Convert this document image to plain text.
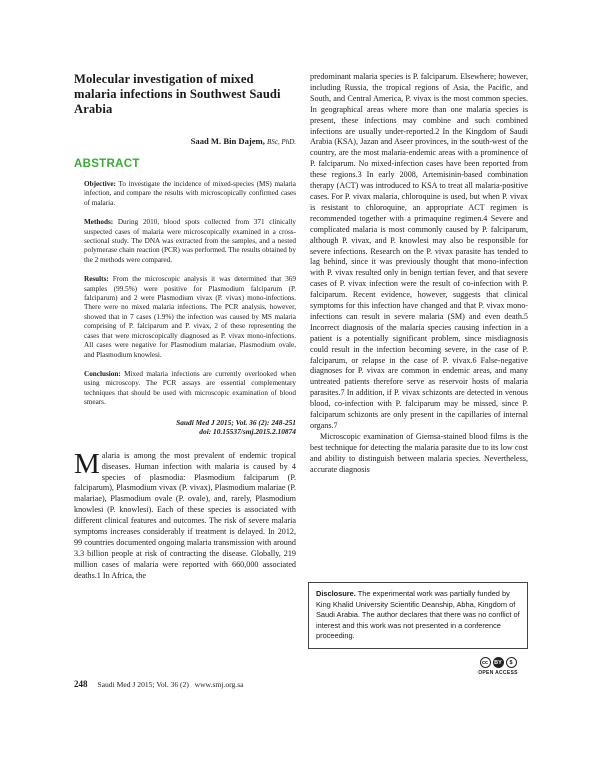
Molecular investigation of mixed malaria infections in Southwest Saudi Arabia
Saad M. Bin Dajem, BSc, PhD.
ABSTRACT

Objective: To investigate the incidence of mixed-species (MS) malaria infection, and compare the results with microscopically confirmed cases of malaria.

Methods: During 2010, blood spots collected from 371 clinically suspected cases of malaria were microscopically examined in a cross-sectional study. The DNA was extracted from the samples, and a nested polymerase chain reaction (PCR) was performed. The results obtained by the 2 methods were compared.

Results: From the microscopic analysis it was determined that 369 samples (99.5%) were positive for Plasmodium falciparum (P. falciparum) and 2 were Plasmodium vivax (P. vivax) mono-infections. There were no mixed malaria infections. The PCR analysis, however, showed that in 7 cases (1.9%) the infection was caused by MS malaria comprising of P. falciparum and P. vivax, 2 of these representing the cases that were microscopically diagnosed as P. vivax mono-infections. All cases were negative for Plasmodium malariae, Plasmodium ovale, and Plasmodium knowlesi.

Conclusion: Mixed malaria infections are currently overlooked when using microscopy. The PCR assays are essential complementary techniques that should be used with microscopic examination of blood smears.

Saudi Med J 2015; Vol. 36 (2): 248-251
doi: 10.15537/smj.2015.2.10874

Malaria is among the most prevalent of endemic tropical diseases. Human infection with malaria is caused by 4 species of plasmodia: Plasmodium falciparum (P. falciparum), Plasmodium vivax (P. vivax), Plasmodium malariae (P. malariae), Plasmodium ovale (P. ovale), and, rarely, Plasmodium knowlesi (P. knowlesi). Each of these species is associated with different clinical features and outcomes. The risk of severe malaria symptoms increases considerably if treatment is delayed. In 2012, 99 countries documented ongoing malaria transmission with around 3.3 billion people at risk of contracting the disease. Globally, 219 million cases of malaria were reported with 660,000 associated deaths.1 In Africa, the

predominant malaria species is P. falciparum. Elsewhere; however, including Russia, the tropical regions of Asia, the Pacific, and South, and Central America, P. vivax is the most common species. In geographical areas where more than one malaria species is present, these infections may combine and such combined infections are usually under-reported.2 In the Kingdom of Saudi Arabia (KSA), Jazan and Aseer provinces, in the south-west of the country, are the most malaria-endemic areas with a prominence of P. falciparum. No mixed-infection cases have been reported from these regions.3 In early 2008, Artemisinin-based combination therapy (ACT) was introduced to KSA to treat all malaria-positive cases. For P. vivax malaria, chloroquine is used, but when P. vivax is resistant to chloroquine, an appropriate ACT regimen is recommended together with a primaquine regimen.4 Severe and complicated malaria is most commonly caused by P. falciparum, although P. vivax, and P. knowlesi may also be responsible for severe infections. Research on the P. vivax parasite has tended to lag behind, since it was previously thought that mono-infection with P. vivax resulted only in benign tertian fever, and that severe cases of P. vivax infection were the result of co-infection with P. falciparum. Recent evidence, however, suggests that clinical symptoms for this infection have changed and that P. vivax mono-infections can result in severe malaria (SM) and even death.5 Incorrect diagnosis of the malaria species causing infection in a patient is a potentially significant problem, since misdiagnosis could result in the infection becoming severe, in the case of P. falciparum, or relapse in the case of P. vivax.6 False-negative diagnoses for P. vivax are common in endemic areas, and many untreated patients therefore serve as reservoir hosts of malaria parasites.7 In addition, if P. vivax schizonts are detected in venous blood, co-infection with P. falciparum may be missed, since P. falciparum schizonts are only present in the capillaries of internal organs.7

Microscopic examination of Giemsa-stained blood films is the best technique for detecting the malaria parasite due to its low cost and ability to distinguish between malaria species. Nevertheless, accurate diagnosis

Disclosure. The experimental work was partially funded by King Khalid University Scientific Deanship, Abha, Kingdom of Saudi Arabia. The author declares that there was no conflict of interest and this work was not presented in a conference proceeding.
248 Saudi Med J 2015; Vol. 36 (2) www.smj.org.sa
cc	BY	$
OPEN ACCESS
